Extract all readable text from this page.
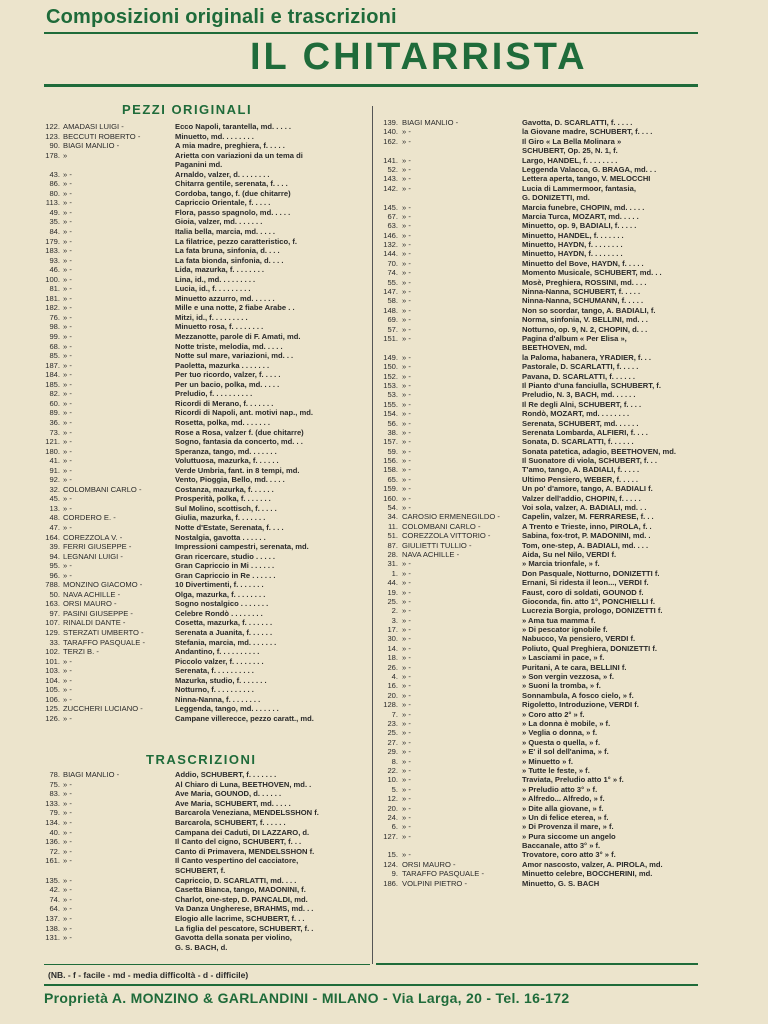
Composizioni originali e trascrizioni
IL CHITARRISTA
PEZZI ORIGINALI
122. AMADASI LUIGI -	Ecco Napoli, tarantella, md. . . . .
123. BECCUTI ROBERTO -	Minuetto, md. . . . . . . .
90. BIAGI MANLIO -	A mia madre, preghiera, f. . . . .
178. »	Arietta con variazioni da un tema di
Paganini md.
43. » -	Arnaldo, valzer, d. . . . . . . .
86. » -	Chitarra gentile, serenata, f. . . .
80. » -	Cordoba, tango, f. (due chitarre)
113. » -	Capriccio Orientale, f. . . . .
49. » -	Flora, passo spagnolo, md. . . . .
35. » -	Gioia, valzer, md. . . . . . .
84. » -	Italia bella, marcia, md. . . . .
179. » -	La filatrice, pezzo caratteristico, f.
183. » -	La fata bruna, sinfonia, d. . . .
93. » -	La fata bionda, sinfonia, d. . . .
46. » -	Lida, mazurka, f. . . . . . . .
100. » -	Lina, id., md. . . . . . . . .
81. » -	Lucia, id., f. . . . . . . . .
181. » -	Minuetto azzurro, md. . . . . .
182. » -	Mille e una notte, 2 fiabe Arabe . .
76. » -	Mitzi, id., f. . . . . . . . .
98. » -	Minuetto rosa, f. . . . . . . .
99. » -	Mezzanotte, parole di F. Amati, md.
68. » -	Notte triste, melodia, md. . . . .
85. » -	Notte sul mare, variazioni, md. . .
187. » -	Paoletta, mazurka . . . . . . .
184. » -	Per tuo ricordo, valzer, f. . . . .
185. » -	Per un bacio, polka, md. . . . .
82. » -	Preludio, f. . . . . . . . . .
60. » -	Ricordi di Merano, f. . . . . . .
89. » -	Ricordi di Napoli, ant. motivi nap., md.
36. » -	Rosetta, polka, md. . . . . . .
73. » -	Rose a Rosa, valzer f. (due chitarre)
121. » -	Sogno, fantasia da concerto, md. . .
180. » -	Speranza, tango, md. . . . . . .
41. » -	Voluttuosa, mazurka, f. . . . . .
91. » -	Verde Umbria, fant. in 8 tempi, md.
92. » -	Vento, Pioggia, Bello, md. . . . .
32. COLOMBANI CARLO -	Costanza, mazurka, f. . . . . .
45. » -	Prosperità, polka, f. . . . . . .
13. » -	Sul Molino, scottisch, f. . . . .
48. CORDERO E. -	Giulia, mazurka, f. . . . . . .
47. » -	Notte d'Estate, Serenata, f. . . .
164. COREZZOLA V. -	Nostalgia, gavotta . . . . . .
39. FERRI GIUSEPPE -	Impressioni campestri, serenata, md.
94. LEGNANI LUIGI -	Gran ricercare, studio . . . . .
95. » -	Gran Capriccio in Mi . . . . . .
96. » -	Gran Capriccio in Re . . . . . .
788. MONZINO GIACOMO -	10 Divertimenti, f. . . . . . .
50. NAVA ACHILLE -	Olga, mazurka, f. . . . . . . .
163. ORSI MAURO -	Sogno nostalgico . . . . . . .
97. PASINI GIUSEPPE -	Celebre Rondò . . . . . . . .
107. RINALDI DANTE -	Cosetta, mazurka, f. . . . . . .
129. STERZATI UMBERTO -	Serenata a Juanita, f. . . . . .
33. TARAFFO PASQUALE -	Stefania, marcia, md. . . . . . .
102. TERZI B. -	Andantino, f. . . . . . . . . .
101. » -	Piccolo valzer, f. . . . . . . .
103. » -	Serenata, f. . . . . . . . . .
104. » -	Mazurka, studio, f. . . . . . .
105. » -	Notturno, f. . . . . . . . . .
106. » -	Ninna-Nanna, f. . . . . . . .
125. ZUCCHERI LUCIANO -	Leggenda, tango, md. . . . . . .
126. » -	Campane villerecce, pezzo caratt., md.
TRASCRIZIONI
78. BIAGI MANLIO -	Addio, SCHUBERT, f. . . . . . .
75. » -	Al Chiaro di Luna, BEETHOVEN, md. .
83. » -	Ave Maria, GOUNOD, d. . . . . .
133. » -	Ave Maria, SCHUBERT, md. . . . .
79. » -	Barcarola Veneziana, MENDELSSHON f.
134. » -	Barcarola, SCHUBERT, f. . . . . .
40. » -	Campana dei Caduti, DI LAZZARO, d.
136. » -	Il Canto del cigno, SCHUBERT, f. . .
72. » -	Canto di Primavera, MENDELSSHON f.
161. » -	Il Canto vespertino del cacciatore,
SCHUBERT, f.
135. » -	Capriccio, D. SCARLATTI, md. . . .
42. » -	Casetta Bianca, tango, MADONINI, f.
74. » -	Charlot, one-step, D. PANCALDI, md.
64. » -	Va Danza Ungherese, BRAHMS, md. . .
137. » -	Elogio alle lacrime, SCHUBERT, f. . .
138. » -	La figlia del pescatore, SCHUBERT, f. .
131. » -	Gavotta della sonata per violino,
G. S. BACH, d.
139. BIAGI MANLIO -	Gavotta, D. SCARLATTI, f. . . . .
140. » -	la Giovane madre, SCHUBERT, f. . . .
162. » -	Il Giro « La Bella Molinara »
SCHUBERT, Op. 25, N. 1, f.
141. » -	Largo, HANDEL, f. . . . . . . .
52. » -	Leggenda Valacca, G. BRAGA, md. . .
143. » -	Lettera aperta, tango, V. MELOCCHI
142. » -	Lucia di Lammermoor, fantasia,
G. DONIZETTI, md.
145. » -	Marcia funebre, CHOPIN, md. . . . .
67. » -	Marcia Turca, MOZART, md. . . . .
63. » -	Minuetto, op. 9, BADIALI, f. . . . .
146. » -	Minuetto, HANDEL, f. . . . . . .
132. » -	Minuetto, HAYDN, f. . . . . . . .
144. » -	Minuetto, HAYDN, f. . . . . . . .
70. » -	Minuetto del Bove, HAYDN, f. . . . .
74. » -	Momento Musicale, SCHUBERT, md. . .
55. » -	Mosè, Preghiera, ROSSINI, md. . . .
147. » -	Ninna-Nanna, SCHUBERT, f. . . . .
58. » -	Ninna-Nanna, SCHUMANN, f. . . . .
148. » -	Non so scordar, tango, A. BADIALI, f.
69. » -	Norma, sinfonia, V. BELLINI, md. . .
57. » -	Notturno, op. 9, N. 2, CHOPIN, d. . .
151. » -	Pagina d'album « Per Elisa »,
BEETHOVEN, md.
149. » -	la Paloma, habanera, YRADIER, f. . .
150. » -	Pastorale, D. SCARLATTI, f. . . . .
152. » -	Pavana, D. SCARLATTI, f. . . . . .
153. » -	Il Pianto d'una fanciulla, SCHUBERT, f.
53. » -	Preludio, N. 3, BACH, md. . . . . .
155. » -	Il Re degli Alni, SCHUBERT, f. . . .
154. » -	Rondò, MOZART, md. . . . . . . .
56. » -	Serenata, SCHUBERT, md. . . . . .
38. » -	Serenata Lombarda, ALFIERI, f. . . .
157. » -	Sonata, D. SCARLATTI, f. . . . . .
59. » -	Sonata patetica, adagio, BEETHOVEN, md.
156. » -	Il Suonatore di viola, SCHUBERT, f. . .
158. » -	T'amo, tango, A. BADIALI, f. . . . .
65. » -	Ultimo Pensiero, WEBER, f. . . . .
159. » -	Un po' d'amore, tango, A. BADIALI f.
160. » -	Valzer dell'addio, CHOPIN, f. . . . .
54. » -	Voi sola, valzer, A. BADIALI, md. . .
34. CAROSIO ERMENEGILDO -	Capelin, valzer, M. FERRARESE, f. . .
11. COLOMBANI CARLO -	A Trento e Trieste, inno, PIROLA, f. .
51. COREZZOLA VITTORIO -	Sabina, fox-trot, P. MADONINI, md. .
87. GIULIETTI TULLIO -	Tom, one-step, A. BADIALI, md. . . .
28. NAVA ACHILLE -	Aida, Su nel Nilo, VERDI f.
31. » -	» Marcia trionfale, » f.
1. » -	Don Pasquale, Notturno, DONIZETTI f.
44. » -	Ernani, Si ridesta il leon..., VERDI f.
19. » -	Faust, coro di soldati, GOUNOD f.
25. » -	Gioconda, fin. atto 1°, PONCHIELLI f.
2. » -	Lucrezia Borgia, prologo, DONIZETTI f.
3. » -	» Ama tua mamma f.
17. » -	» Di pescator ignobile f.
30. » -	Nabucco, Va pensiero, VERDI f.
14. » -	Poliuto, Qual Preghiera, DONIZETTI f.
18. » -	» Lasciami in pace, » f.
26. » -	Puritani, A te cara, BELLINI f.
4. » -	» Son vergin vezzosa, » f.
16. » -	» Suoni la tromba, » f.
20. » -	Sonnambula, A fosco cielo, » f.
128. » -	Rigoletto, Introduzione, VERDI f.
7. » -	» Coro atto 2° » f.
23. » -	» La donna è mobile, » f.
25. » -	» Veglia o donna, » f.
27. » -	» Questa o quella, » f.
29. » -	» E' il sol dell'anima, » f.
8. » -	» Minuetto » f.
22. » -	» Tutte le feste, » f.
10. » -	Traviata, Preludio atto 1° » f.
5. » -	» Preludio atto 3° » f.
12. » -	» Alfredo... Alfredo, » f.
20. » -	» Dite alla giovane, » f.
24. » -	» Un di felice eterea, » f.
6. » -	» Di Provenza il mare, » f.
127. » -	» Pura siccome un angelo
Baccanale, atto 3° » f.
15. » -	Trovatore, coro atto 3° » f.
124. ORSI MAURO -	Amor nascosto, valzer, A. PIROLA, md.
9. TARAFFO PASQUALE -	Minuetto celebre, BOCCHERINI, md.
186. VOLPINI PIETRO -	Minuetto, G. S. BACH
(NB. - f - facile - md - media difficoltà - d - difficile)
Proprietà A. MONZINO & GARLANDINI - MILANO - Via Larga, 20 - Tel. 16-172
